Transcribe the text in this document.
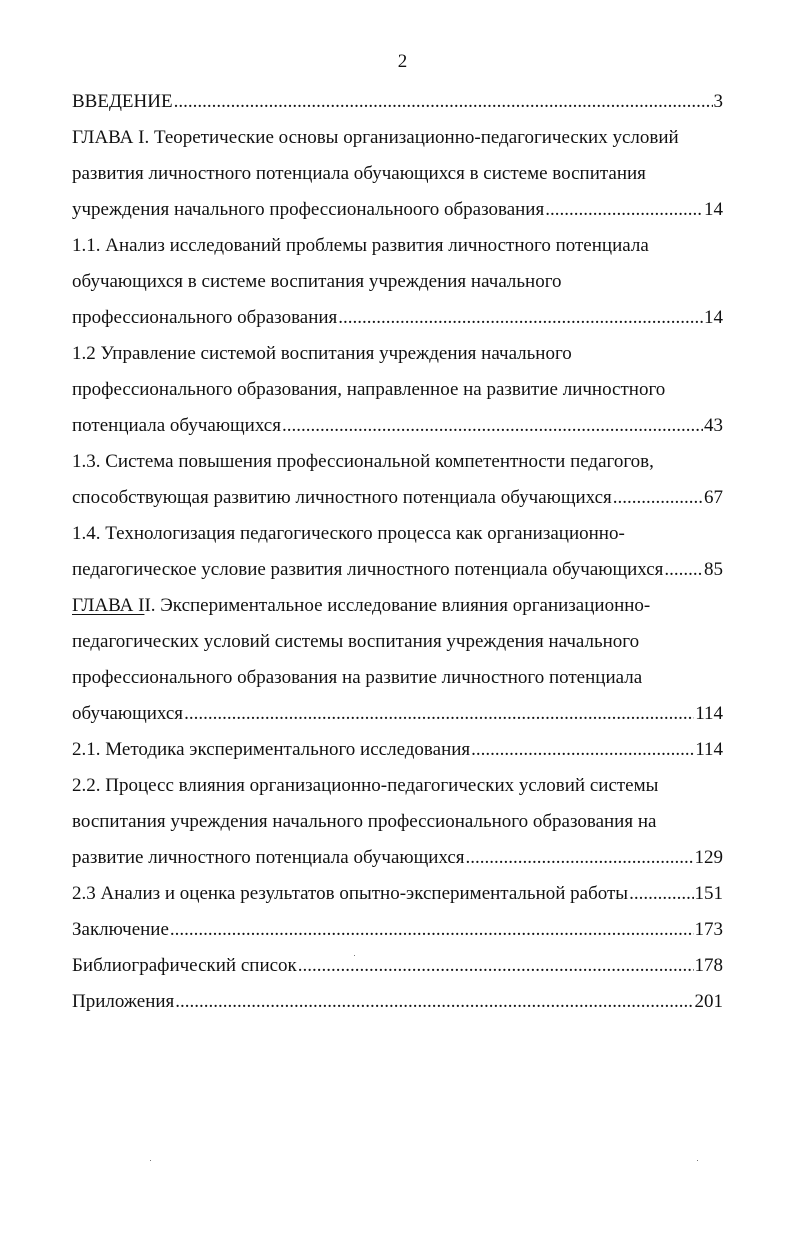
2
ВВЕДЕНИЕ .....	3
ГЛАВА I. Теоретические основы организационно-педагогических условий
развития личностного потенциала обучающихся в системе воспитания
учреждения начального профессиональноого образования .....	14
1.1. Анализ исследований проблемы развития личностного потенциала
обучающихся в системе воспитания учреждения начального
профессионального образования .....	14
1.2 Управление системой воспитания учреждения начального
профессионального образования, направленное на развитие личностного
потенциала обучающихся .....	43
1.3. Система повышения профессиональной компетентности педагогов,
способствующая развитию личностного потенциала обучающихся .....	67
1.4. Технологизация педагогического процесса как организационно-
педагогическое условие развития личностного потенциала обучающихся ..... 85
ГЛАВА II. Экспериментальное исследование влияния организационно-
педагогических условий системы воспитания учреждения начального
профессионального образования на развитие личностного потенциала
обучающихся .....	114
2.1. Методика экспериментального исследования .....	114
2.2. Процесс влияния организационно-педагогических условий системы
воспитания учреждения начального профессионального образования на
развитие личностного потенциала обучающихся .....	129
2.3 Анализ и оценка результатов опытно-экспериментальной работы .....	151
Заключение .....	173
Библиографический список .....	178
Приложения .....	201
